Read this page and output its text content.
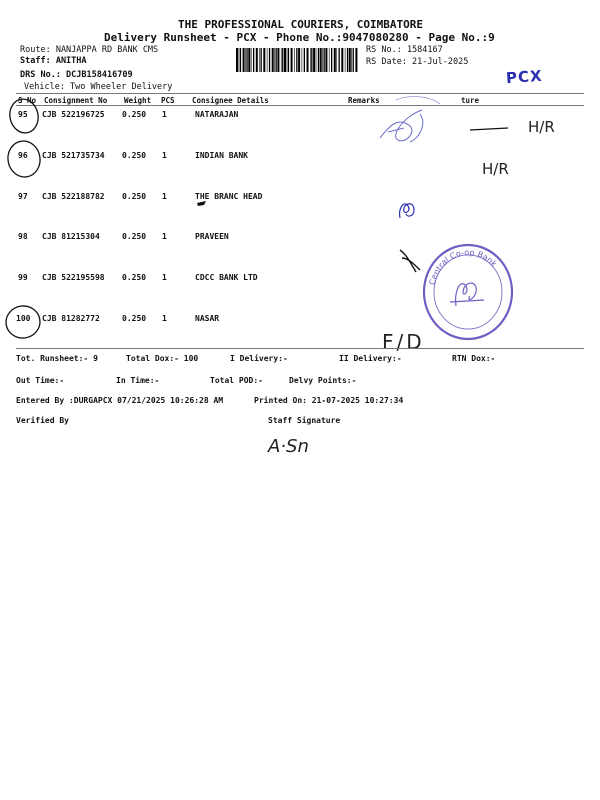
THE PROFESSIONAL COURIERS, COIMBATORE
Delivery Runsheet - PCX - Phone No.:9047080280 - Page No.:9
Route: NANJAPPA RD BANK CMS
Staff: ANITHA
DRS No.: DCJB158416709
Vehicle: Two Wheeler Delivery
RS No.: 1584167
RS Date: 21-Jul-2025
PCX
S No Consignment No Weight PCS Consignee Details	Remarks	ture
95 CJB 522196725 0.250 1	NATARAJAN
96 CJB 521735734 0.250 1	INDIAN BANK
97 CJB 522188782 0.250 1	THE BRANC HEAD
98 CJB 81215304	0.250 1	PRAVEEN
99 CJB 522195598 0.250 1	CDCC BANK LTD
100 CJB 81282772	0.250 1	NASAR
H/R
H/R
Central Co-op Bank
F/D
Tot. Runsheet:- 9	Total Dox:- 100	I Delivery:-	II Delivery:-	RTN Dox:-
Out Time:-	In Time:-	Total POD:-	Delvy Points:-
Entered By :DURGAPCX 07/21/2025 10:26:28 AM	Printed On: 21-07-2025 10:27:34
Verified By	Staff Signature
A·Sn
